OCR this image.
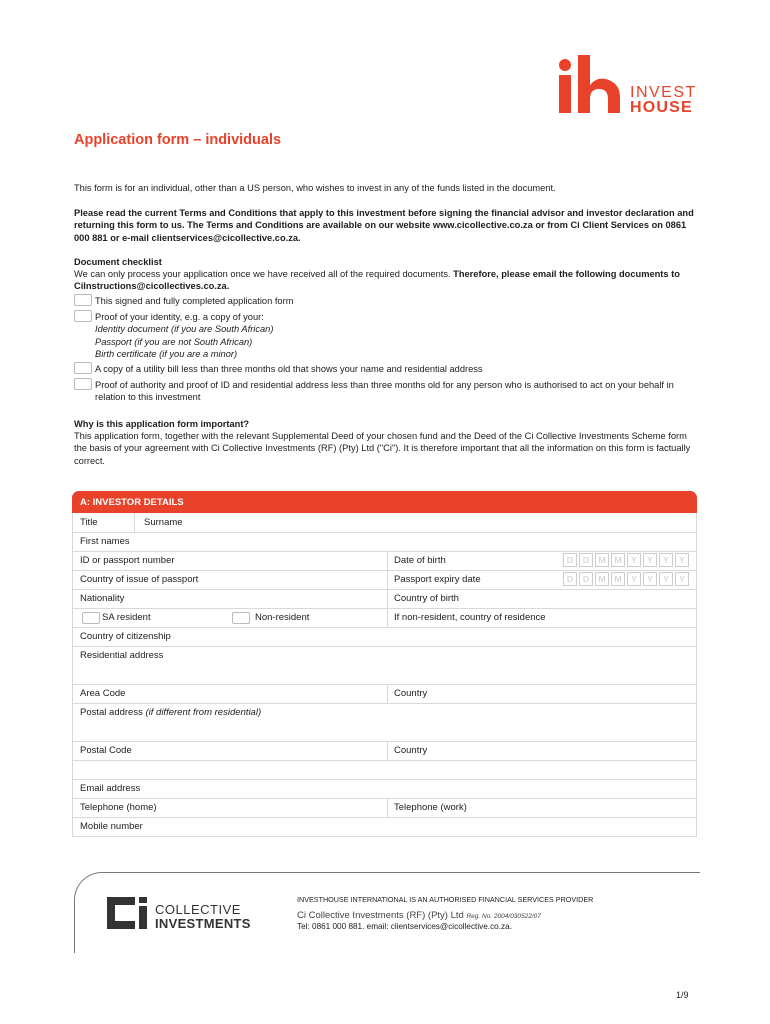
INVEST
HOUSE
Application form – individuals
This form is for an individual, other than a US person, who wishes to invest in any of the funds listed in the document.
Please read the current Terms and Conditions that apply to this investment before signing the financial advisor and investor declaration and returning this form to us. The Terms and Conditions are available on our website www.cicollective.co.za or from Ci Client Services on 0861 000 881 or e-mail clientservices@cicollective.co.za.
Document checklist
We can only process your application once we have received all of the required documents. Therefore, please email the following documents to CiInstructions@cicollectives.co.za.
This signed and fully completed application form
Proof of your identity, e.g. a copy of your:
Identity document (if you are South African)
Passport (if you are not South African)
Birth certificate (if you are a minor)
A copy of a utility bill less than three months old that shows your name and residential address
Proof of authority and proof of ID and residential address less than three months old for any person who is authorised to act on your behalf in relation to this investment
Why is this application form important?
This application form, together with the relevant Supplemental Deed of your chosen fund and the Deed of the Ci Collective Investments Scheme form the basis of your agreement with Ci Collective Investments (RF) (Pty) Ltd ("Ci"). It is therefore important that all the information on this form is factually correct.
A: INVESTOR DETAILS
Title	Surname
First names
ID or passport number	Date of birth	D	D	M	M	Y	Y	Y	Y
Country of issue of passport	Passport expiry date	D	D	M	M	Y	Y	Y	Y
Nationality	Country of birth
SA resident	Non-resident	If non-resident, country of residence
Country of citizenship
Residential address
Area Code	Country
Postal address (if different from residential)
Postal Code	Country
Email address
Telephone (home)	Telephone (work)
Mobile number
COLLECTIVE
INVESTMENTS
INVESTHOUSE INTERNATIONAL IS AN AUTHORISED FINANCIAL SERVICES PROVIDER
Ci Collective Investments (RF) (Pty) Ltd Reg. No. 2004/030522/07
Tel: 0861 000 881. email: clientservices@cicollective.co.za.
1/9
